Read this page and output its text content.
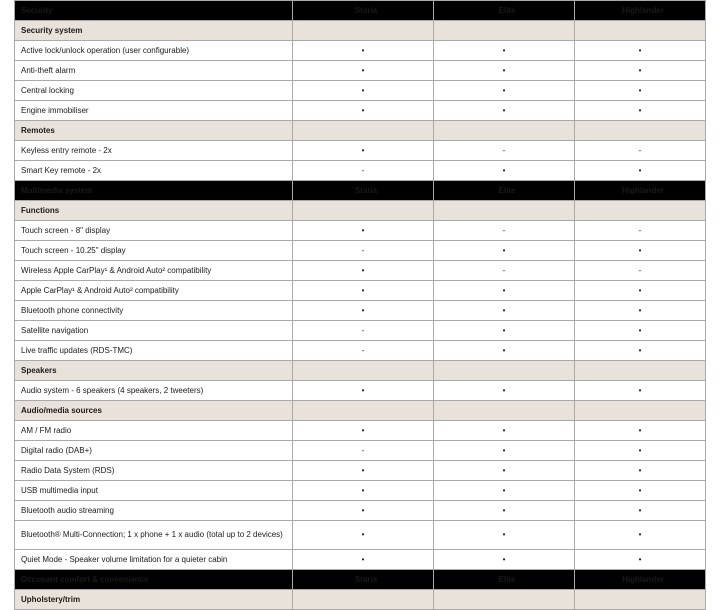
Security	Staria	Elite	Highlander
Security system			
Active lock/unlock operation (user configurable)	•	•	•
Anti-theft alarm	•	•	•
Central locking	•	•	•
Engine immobiliser	•	•	•
Remotes			
Keyless entry remote - 2x	•	-	-
Smart Key remote - 2x	-	•	•
Multimedia system	Staria	Elite	Highlander
Functions			
Touch screen - 8" display	•	-	-
Touch screen - 10.25" display	-	•	•
Wireless Apple CarPlay¹ & Android Auto² compatibility	•	-	-
Apple CarPlay¹ & Android Auto² compatibility	•	•	•
Bluetooth phone connectivity	•	•	•
Satellite navigation	-	•	•
Live traffic updates (RDS-TMC)	-	•	•
Speakers			
Audio system - 6 speakers (4 speakers, 2 tweeters)	•	•	•
Audio/media sources			
AM / FM radio	•	•	•
Digital radio (DAB+)	-	•	•
Radio Data System (RDS)	•	•	•
USB multimedia input	•	•	•
Bluetooth audio streaming	•	•	•
Bluetooth® Multi-Connection; 1 x phone + 1 x audio (total up to 2 devices)	•	•	•
Quiet Mode - Speaker volume limitation for a quieter cabin	•	•	•
Occupant comfort & convenience	Staria	Elite	Highlander
Upholstery/trim			
